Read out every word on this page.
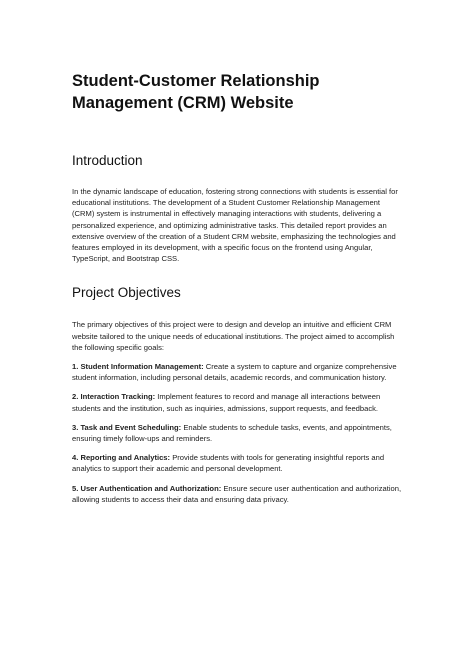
Student-Customer Relationship Management (CRM) Website
Introduction

In the dynamic landscape of education, fostering strong connections with students is essential for educational institutions. The development of a Student Customer Relationship Management (CRM) system is instrumental in effectively managing interactions with students, delivering a personalized experience, and optimizing administrative tasks. This detailed report provides an extensive overview of the creation of a Student CRM website, emphasizing the technologies and features employed in its development, with a specific focus on the frontend using Angular, TypeScript, and Bootstrap CSS.

Project Objectives

The primary objectives of this project were to design and develop an intuitive and efficient CRM website tailored to the unique needs of educational institutions. The project aimed to accomplish the following specific goals:

1. Student Information Management: Create a system to capture and organize comprehensive student information, including personal details, academic records, and communication history.

2. Interaction Tracking: Implement features to record and manage all interactions between students and the institution, such as inquiries, admissions, support requests, and feedback.

3. Task and Event Scheduling: Enable students to schedule tasks, events, and appointments, ensuring timely follow-ups and reminders.

4. Reporting and Analytics: Provide students with tools for generating insightful reports and analytics to support their academic and personal development.

5. User Authentication and Authorization: Ensure secure user authentication and authorization, allowing students to access their data and ensuring data privacy.
